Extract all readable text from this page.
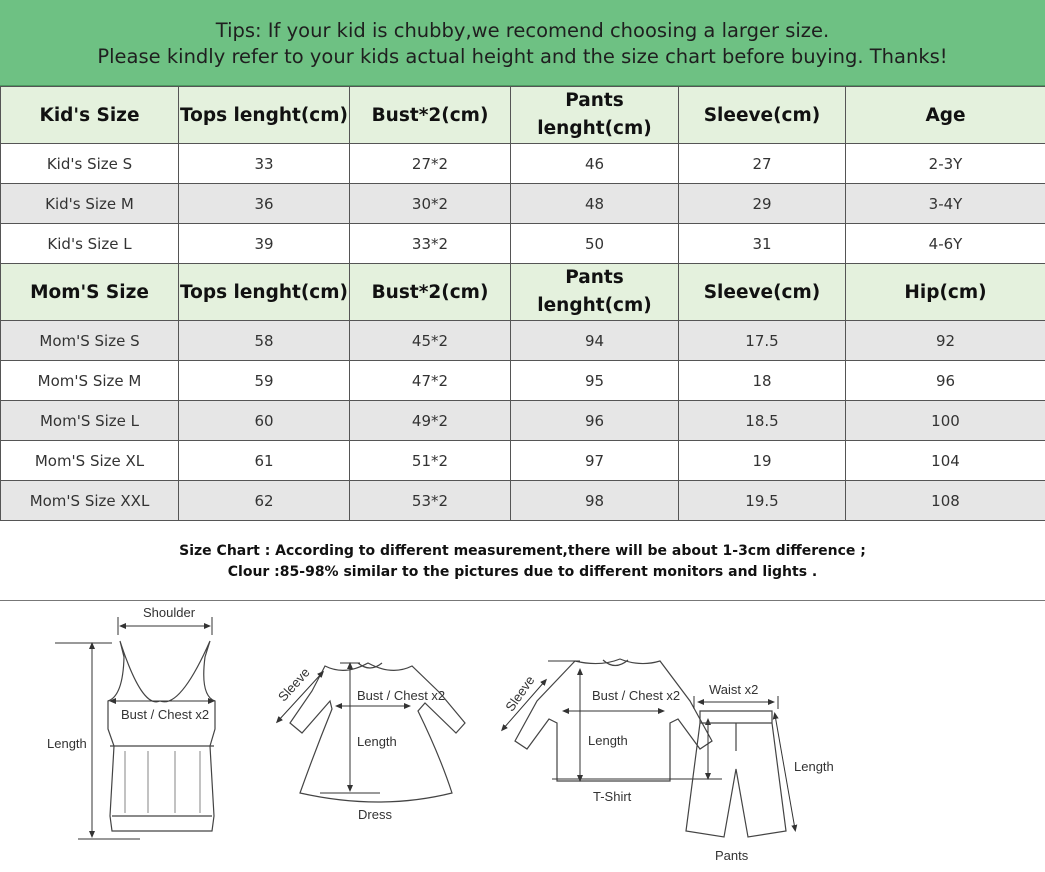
Tips: If your kid is chubby,we recomend choosing a larger size.
Please kindly refer to your kids actual height and the size chart before buying. Thanks!
Kid's Size	Tops lenght(cm)	Bust*2(cm)	Pants lenght(cm)	Sleeve(cm)	Age
Kid's Size S	33	27*2	46	27	2-3Y
Kid's Size M	36	30*2	48	29	3-4Y
Kid's Size L	39	33*2	50	31	4-6Y
Mom'S Size	Tops lenght(cm)	Bust*2(cm)	Pants lenght(cm)	Sleeve(cm)	Hip(cm)
Mom'S Size S	58	45*2	94	17.5	92
Mom'S Size M	59	47*2	95	18	96
Mom'S Size L	60	49*2	96	18.5	100
Mom'S Size XL	61	51*2	97	19	104
Mom'S Size XXL	62	53*2	98	19.5	108
Size Chart : According to different measurement,there will be about 1-3cm difference ;
Clour :85-98% similar to the pictures due to different monitors and lights .
Shoulder
Bust / Chest x2
Length
Sleeve	Bust / Chest x2
Length
Dress
Sleeve	Bust / Chest x2
Length
T-Shirt
Waist x2
Length
Pants
